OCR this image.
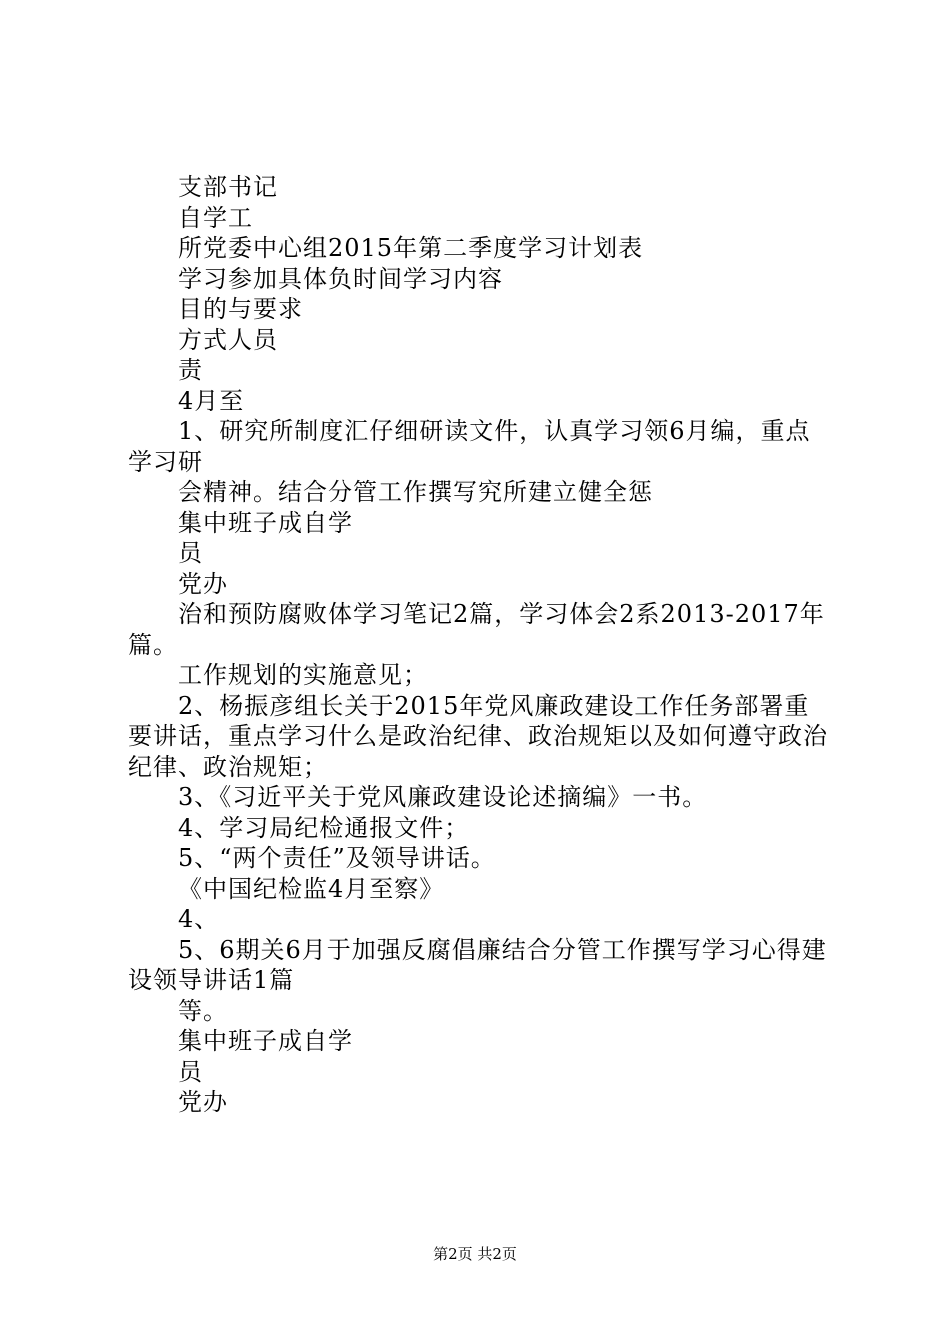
支部书记

自学工

所党委中心组2015年第二季度学习计划表

学习参加具体负时间学习内容

目的与要求

方式人员

责

4月至

1、研究所制度汇仔细研读文件，认真学习领6月编，重点学习研

会精神。结合分管工作撰写究所建立健全惩

集中班子成自学

员

党办

治和预防腐败体学习笔记2篇，学习体会2系2013-2017年篇。

工作规划的实施意见；

2、杨振彦组长关于2015年党风廉政建设工作任务部署重要讲话，重点学习什么是政治纪律、政治规矩以及如何遵守政治纪律、政治规矩；

3、《习近平关于党风廉政建设论述摘编》一书。

4、学习局纪检通报文件；

5、“两个责任”及领导讲话。

《中国纪检监4月至察》

4、

5、6期关6月于加强反腐倡廉结合分管工作撰写学习心得建设领导讲话1篇

等。

集中班子成自学

员

党办

第2页 共2页
